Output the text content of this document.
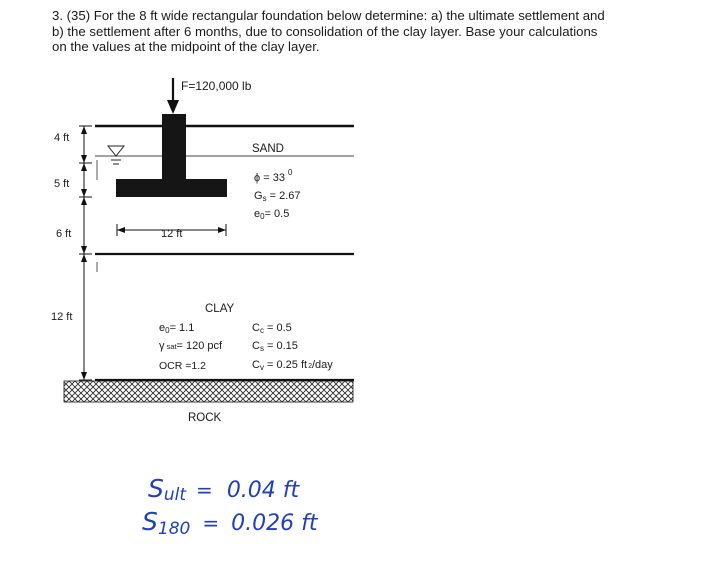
3. (35) For the 8 ft wide rectangular foundation below determine: a) the ultimate settlement and
b) the settlement after 6 months, due to consolidation of the clay layer. Base your calculations
on the values at the midpoint of the clay layer.
F=120,000 lb
12 ft
4 ft
5 ft
6 ft
12 ft
SAND
ϕ = 33 $^0$
Gs = 2.67
e0= 0.5
CLAY
e0= 1.1
γ sat= 120 pcf
OCR =1.2
Cc = 0.5
Cs = 0.15
Cv = 0.25 ft2/day
ROCK
Sult = 0.04 ft
S180 = 0.026 ft
